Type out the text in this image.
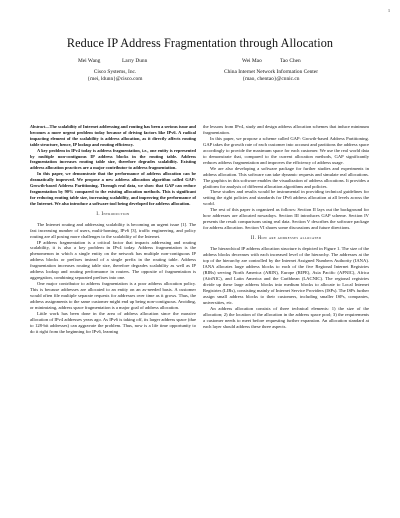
1
Reduce IP Address Fragmentation through Allocation
Mei Wang	Larry Dunn	Wei Mao	Tao Chen
Cisco Systems, Inc.
{mei, ldunn}@cisco.com
China Internet Network Information Center
{mao, chentao}@cnnic.cn

Abstract—The scalability of Internet addressing and routing has been a serious issue and becomes a more urgent problem today because of driving factors like IPv6. A radical impacting element of the scalability is address allocation, as it directly affects routing table structure, hence, IP lookup and routing efficiency.

A key problem in IPv4 today is address fragmentation, i.e., one entity is represented by multiple non-contiguous IP address blocks in the routing table. Address fragmentation increases routing table size, therefore degrades scalability. Existing address allocation practices are a major contributor to address fragmentation.

In this paper, we demonstrate that the performance of address allocation can be dramatically improved. We propose a new address allocation algorithm called GAP: Growth-based Address Partitioning. Through real data, we show that GAP can reduce fragmentation by 90% compared to the existing allocation methods. This is significant for reducing routing table size, increasing scalability, and improving the performance of the Internet. We also introduce a software tool being developed for address allocation.

I. Introduction

The Internet routing and addressing scalability is becoming an urgent issue [1]. The fast increasing number of users, multi-homing, IPv6 [3], traffic engineering, and policy routing are all posing more challenges to the scalability of the Internet.

IP address fragmentation is a critical factor that impacts addressing and routing scalability, it is also a key problem in IPv4 today. Address fragmentation is the phenomenon in which a single entity on the network has multiple non-contiguous IP address blocks or prefixes instead of a single prefix in the routing table. Address fragmentation increases routing table size, therefore degrades scalability as well as IP address lookup and routing performance in routers. The opposite of fragmentation is aggregation, combining separated prefixes into one.

One major contributor to address fragmentation is a poor address allocation policy. This is because addresses are allocated to an entity on an as-needed basis. A customer would often file multiple separate requests for addresses over time as it grows. Thus, the address assignments to the same customer might end up being non-contiguous. Avoiding, or minimizing, address space fragmentation is a major goal of address allocation.

Little work has been done in the area of address allocation since the massive allocation of IPv4 addresses years ago. As IPv6 is taking off, its larger address space (due to 128-bit addresses) can aggravate the problem. Thus, now is a life time opportunity to do it right from the beginning for IPv6, learning

the lessons from IPv4, study and design address allocation schemes that induce minimum fragmentation.

In this paper, we propose a scheme called GAP: Growth-based Address Partitioning. GAP takes the growth rate of each customer into account and partitions the address space accordingly to provide the maximum space for each customer. We use the real world data to demonstrate that, compared to the current allocation methods, GAP significantly reduces address fragmentation and improves the efficiency of address usage.

We are also developing a software package for further studies and experiments in address allocation. This software can take dynamic requests and simulate real allocations. The graphics in this software enables the visualization of address allocations. It provides a platform for analysis of different allocation algorithms and policies.

These studies and results would be instrumental in providing technical guidelines for setting the right policies and standards for IPv6 address allocation at all levels across the world.

The rest of this paper is organized as follows: Section II lays out the background for how addresses are allocated nowadays. Section III introduces GAP scheme. Section IV presents the result comparisons using real data. Section V describes the software package for address allocation. Section VI shares some discussions and future directions.

II. How are addresses allocated

The hierarchical IP address allocation structure is depicted in Figure 1. The size of the address blocks decreases with each increased level of the hierarchy. The addresses at the top of the hierarchy are controlled by the Internet Assigned Numbers Authority (IANA). IANA allocates large address blocks to each of the five Regional Internet Registries (RIRs) serving North America (ARIN), Europe (RIPE), Asia Pacific (APNIC), Africa (AfriNIC), and Latin America and the Caribbean (LACNIC). The regional registries divide up these large address blocks into medium blocks to allocate to Local Internet Registries (LIRs), consisting mainly of Internet Service Providers (ISPs). The ISPs further assign small address blocks to their customers, including smaller ISPs, companies, universities, etc.

An address allocation consists of three technical elements: 1) the size of the allocation; 2) the location of the allocation in the address space pool; 3) the requirements a customer needs to meet before requesting further expansion. An allocation standard at each layer should address these three aspects.
